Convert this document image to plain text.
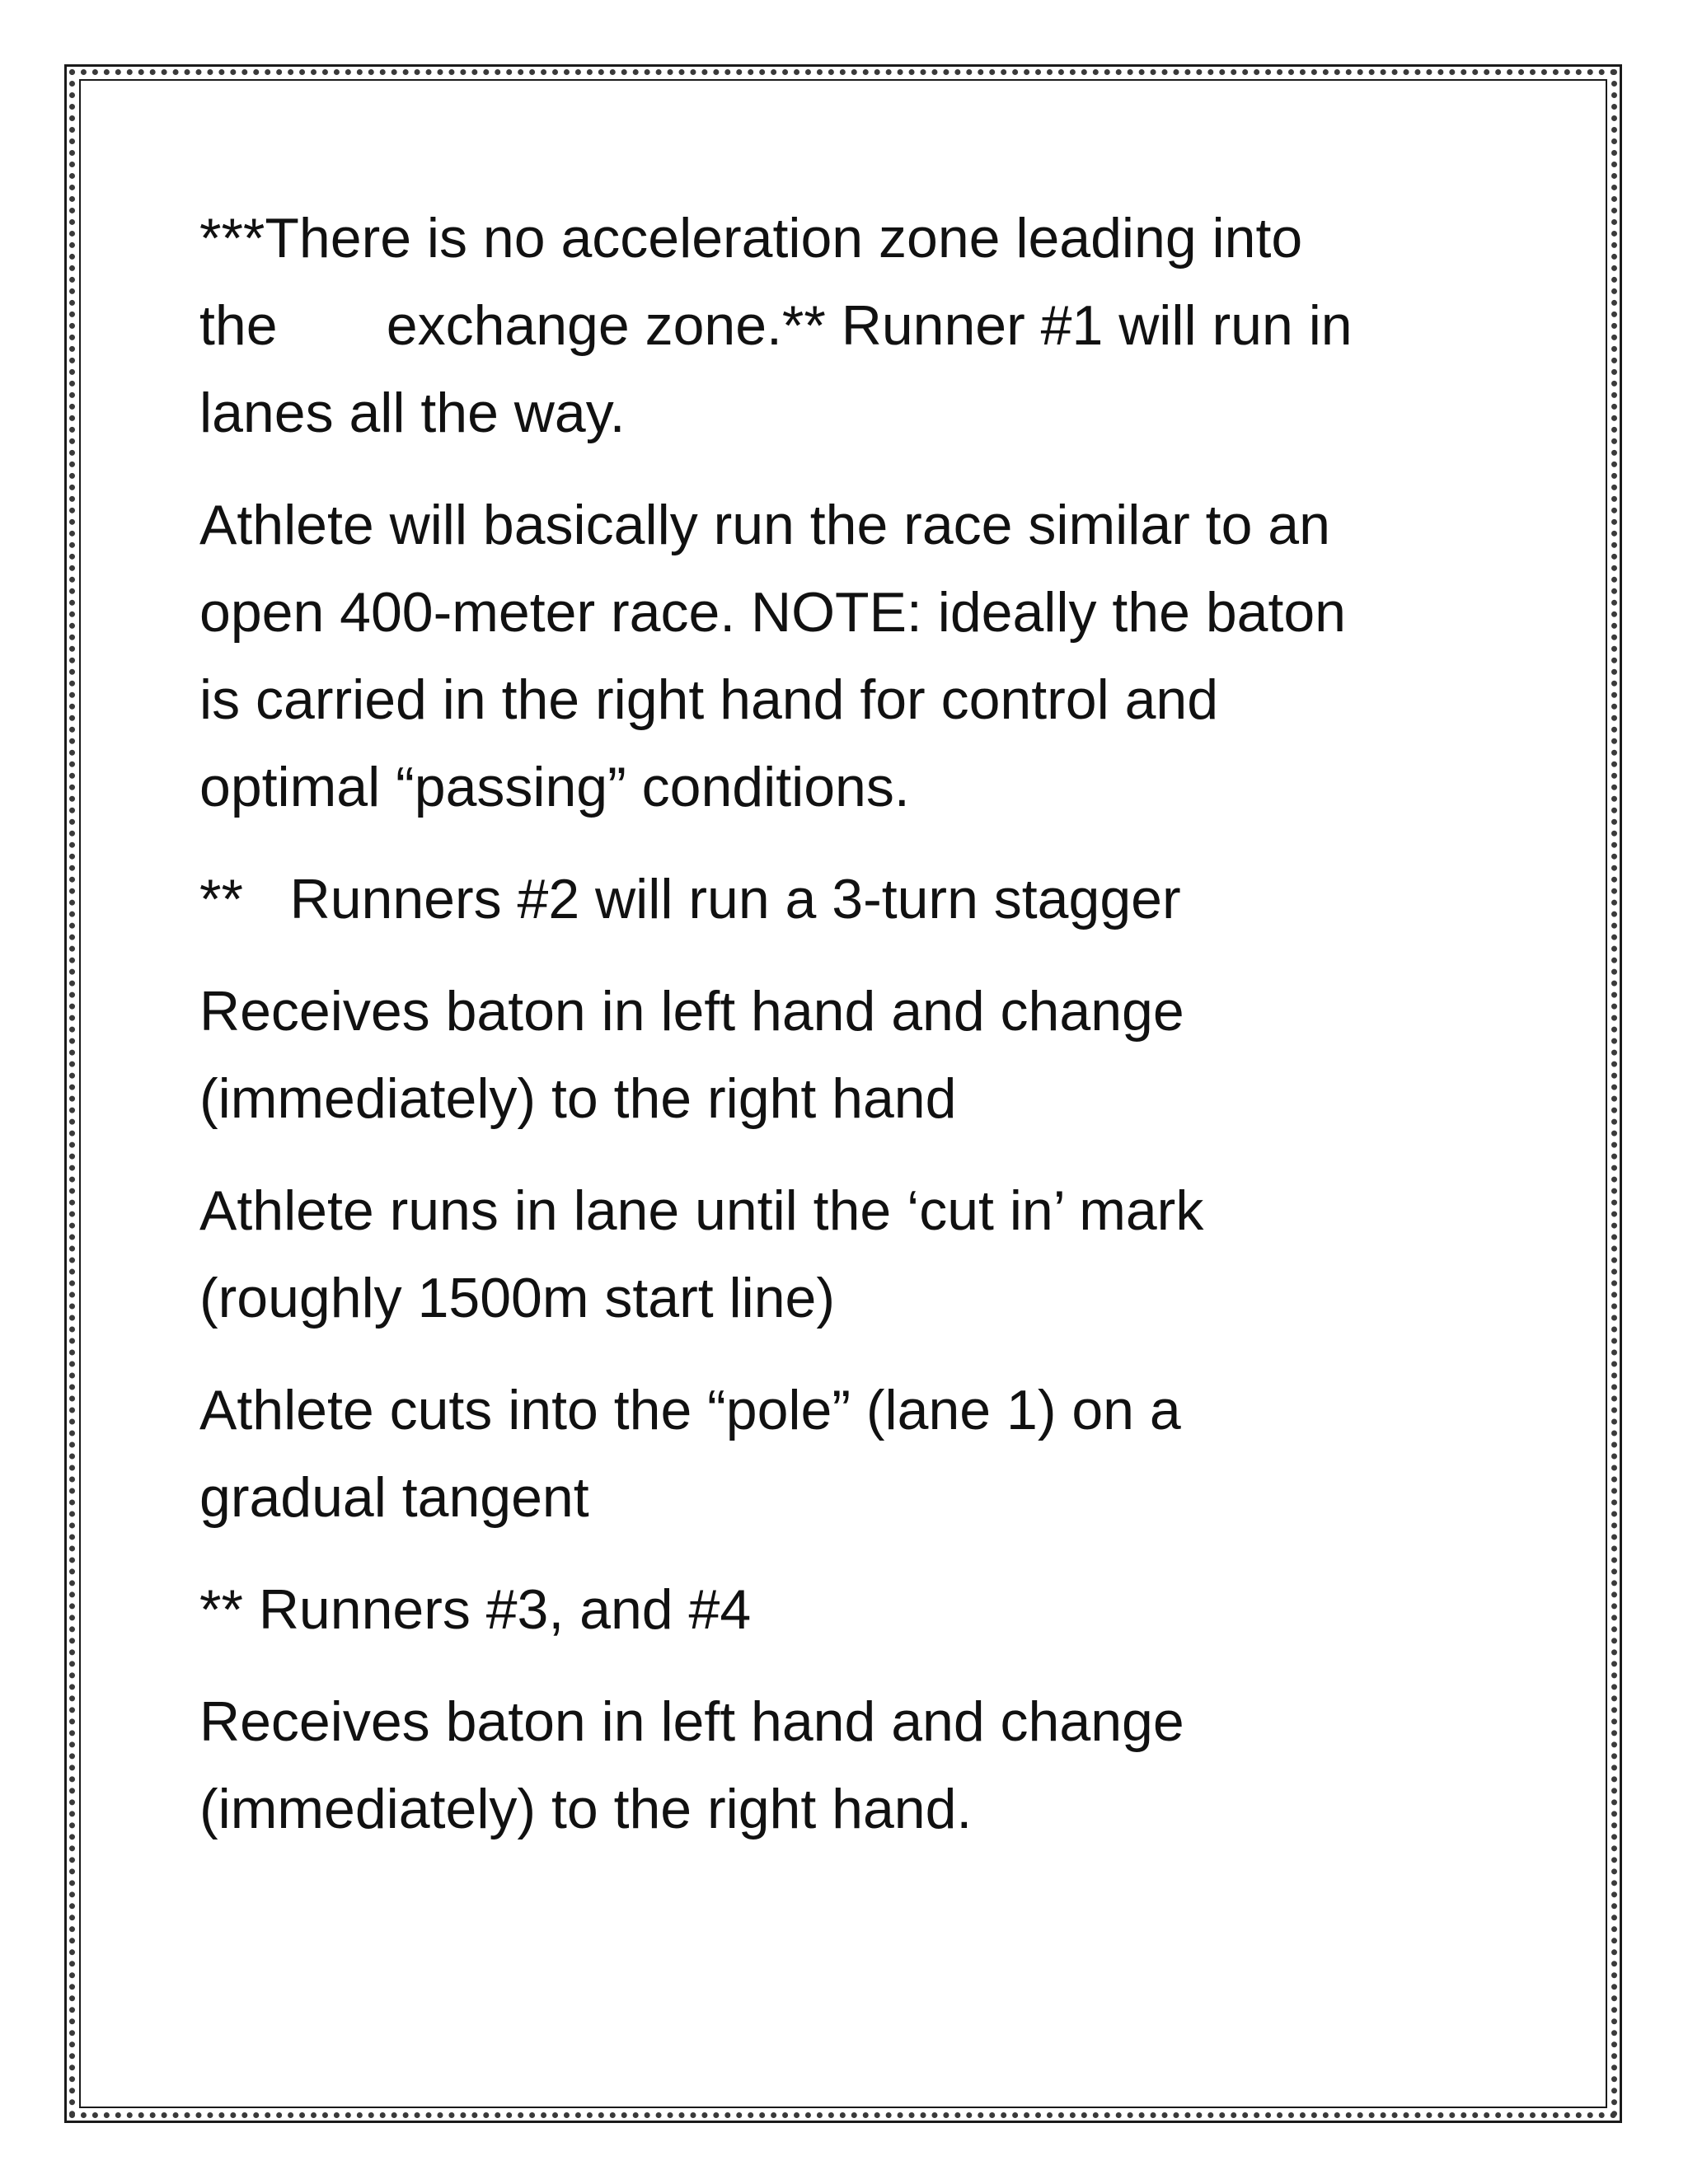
***There is no acceleration zone leading into
the       exchange zone.** Runner #1 will run in
lanes all the way.

Athlete will basically run the race similar to an
open 400-meter race. NOTE: ideally the baton
is carried in the right hand for control and
optimal “passing” conditions.

**   Runners #2 will run a 3-turn stagger

Receives baton in left hand and change
(immediately) to the right hand

Athlete runs in lane until the ‘cut in’ mark
(roughly 1500m start line)

Athlete cuts into the “pole” (lane 1) on a
gradual tangent

** Runners #3, and #4

Receives baton in left hand and change
(immediately) to the right hand.
